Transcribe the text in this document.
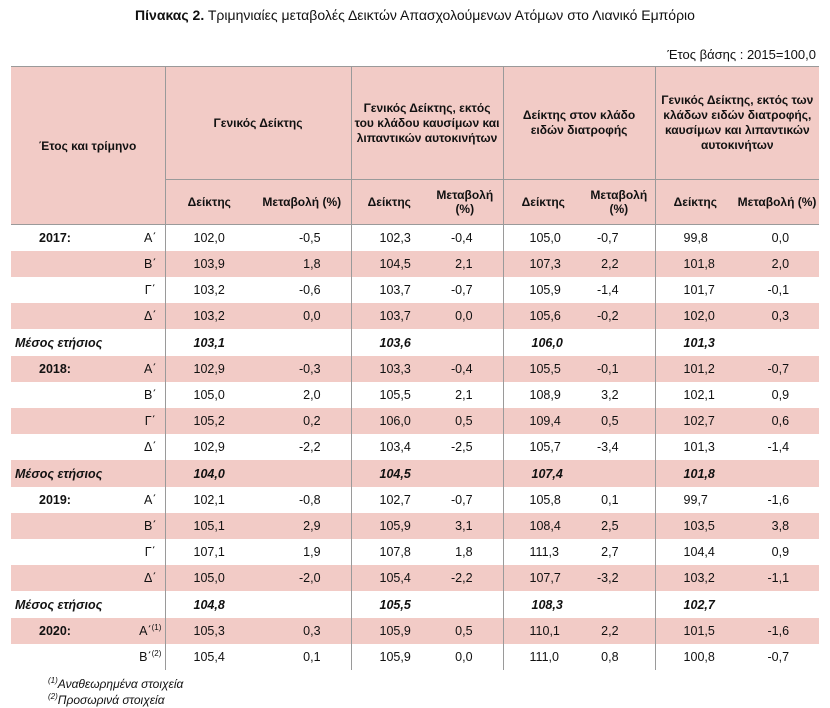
Πίνακας 2. Τριμηνιαίες μεταβολές Δεικτών Απασχολούμενων Ατόμων στο Λιανικό Εμπόριο
Έτος βάσης : 2015=100,0
Έτος και τρίμηνο		Γενικός Δείκτης		Γενικός Δείκτης, εκτός του κλάδου καυσίμων και λιπαντικών αυτοκινήτων		Δείκτης στον κλάδο ειδών διατροφής		Γενικός Δείκτης, εκτός των κλάδων ειδών διατροφής, καυσίμων και λιπαντικών αυτοκινήτων	
		Δείκτης	Μεταβολή (%)	Δείκτης	Μεταβολή (%)	Δείκτης	Μεταβολή (%)	Δείκτης	Μεταβολή (%)
2017:	Α΄	102,0	-0,5	102,3	-0,4	105,0	-0,7	99,8	0,0
	Β΄	103,9	1,8	104,5	2,1	107,3	2,2	101,8	2,0
	Γ΄	103,2	-0,6	103,7	-0,7	105,9	-1,4	101,7	-0,1
	Δ΄	103,2	0,0	103,7	0,0	105,6	-0,2	102,0	0,3
Μέσος ετήσιος		103,1		103,6		106,0		101,3	
2018:	Α΄	102,9	-0,3	103,3	-0,4	105,5	-0,1	101,2	-0,7
	Β΄	105,0	2,0	105,5	2,1	108,9	3,2	102,1	0,9
	Γ΄	105,2	0,2	106,0	0,5	109,4	0,5	102,7	0,6
	Δ΄	102,9	-2,2	103,4	-2,5	105,7	-3,4	101,3	-1,4
Μέσος ετήσιος		104,0		104,5		107,4		101,8	
2019:	Α΄	102,1	-0,8	102,7	-0,7	105,8	0,1	99,7	-1,6
	Β΄	105,1	2,9	105,9	3,1	108,4	2,5	103,5	3,8
	Γ΄	107,1	1,9	107,8	1,8	111,3	2,7	104,4	0,9
	Δ΄	105,0	-2,0	105,4	-2,2	107,7	-3,2	103,2	-1,1
Μέσος ετήσιος		104,8		105,5		108,3		102,7	
2020:	Α΄$^{(1)}$	105,3	0,3	105,9	0,5	110,1	2,2	101,5	-1,6
	Β΄$^{(2)}$	105,4	0,1	105,9	0,0	111,0	0,8	100,8	-0,7
$^{(1)}$Αναθεωρημένα στοιχεία
$^{(2)}$Προσωρινά στοιχεία
